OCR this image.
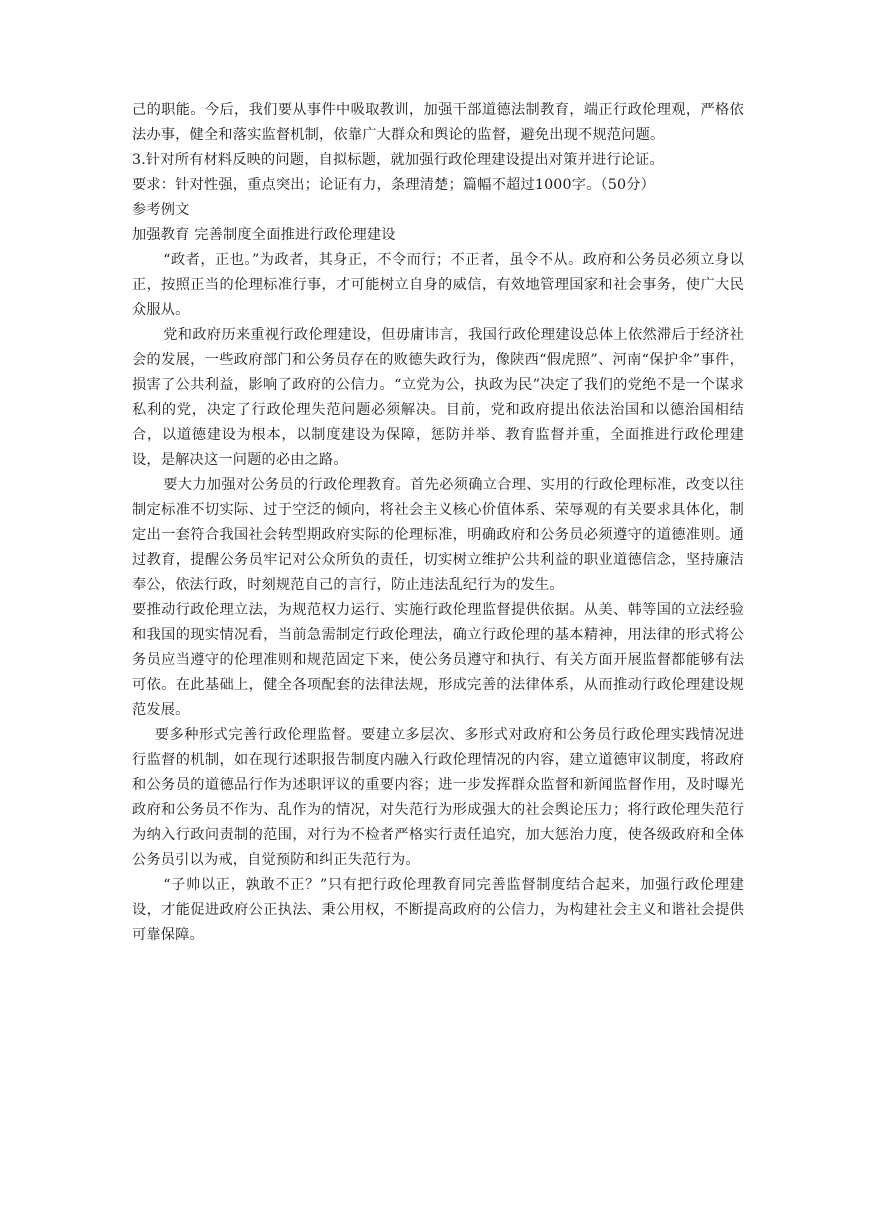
己的职能。今后，我们要从事件中吸取教训，加强干部道德法制教育，端正行政伦理观，严格依法办事，健全和落实监督机制，依靠广大群众和舆论的监督，避免出现不规范问题。

3.针对所有材料反映的问题，自拟标题，就加强行政伦理建设提出对策并进行论证。

要求：针对性强，重点突出；论证有力，条理清楚；篇幅不超过1000字。（50分）

参考例文

加强教育 完善制度全面推进行政伦理建设

“政者，正也。”为政者，其身正，不令而行；不正者，虽令不从。政府和公务员必须立身以正，按照正当的伦理标准行事，才可能树立自身的威信，有效地管理国家和社会事务，使广大民众服从。

党和政府历来重视行政伦理建设，但毋庸讳言，我国行政伦理建设总体上依然滞后于经济社会的发展，一些政府部门和公务员存在的败德失政行为，像陕西“假虎照”、河南“保护伞”事件，损害了公共利益，影响了政府的公信力。“立党为公，执政为民”决定了我们的党绝不是一个谋求私利的党，决定了行政伦理失范问题必须解决。目前，党和政府提出依法治国和以德治国相结合，以道德建设为根本，以制度建设为保障，惩防并举、教育监督并重，全面推进行政伦理建设，是解决这一问题的必由之路。

要大力加强对公务员的行政伦理教育。首先必须确立合理、实用的行政伦理标准，改变以往制定标准不切实际、过于空泛的倾向，将社会主义核心价值体系、荣辱观的有关要求具体化，制定出一套符合我国社会转型期政府实际的伦理标准，明确政府和公务员必须遵守的道德准则。通过教育，提醒公务员牢记对公众所负的责任，切实树立维护公共利益的职业道德信念，坚持廉洁奉公，依法行政，时刻规范自己的言行，防止违法乱纪行为的发生。

要推动行政伦理立法，为规范权力运行、实施行政伦理监督提供依据。从美、韩等国的立法经验和我国的现实情况看，当前急需制定行政伦理法，确立行政伦理的基本精神，用法律的形式将公务员应当遵守的伦理准则和规范固定下来，使公务员遵守和执行、有关方面开展监督都能够有法可依。在此基础上，健全各项配套的法律法规，形成完善的法律体系，从而推动行政伦理建设规范发展。

要多种形式完善行政伦理监督。要建立多层次、多形式对政府和公务员行政伦理实践情况进行监督的机制，如在现行述职报告制度内融入行政伦理情况的内容，建立道德审议制度，将政府和公务员的道德品行作为述职评议的重要内容；进一步发挥群众监督和新闻监督作用，及时曝光政府和公务员不作为、乱作为的情况，对失范行为形成强大的社会舆论压力；将行政伦理失范行为纳入行政问责制的范围，对行为不检者严格实行责任追究，加大惩治力度，使各级政府和全体公务员引以为戒，自觉预防和纠正失范行为。

“子帅以正，孰敢不正？”只有把行政伦理教育同完善监督制度结合起来，加强行政伦理建设，才能促进政府公正执法、秉公用权，不断提高政府的公信力，为构建社会主义和谐社会提供可靠保障。
